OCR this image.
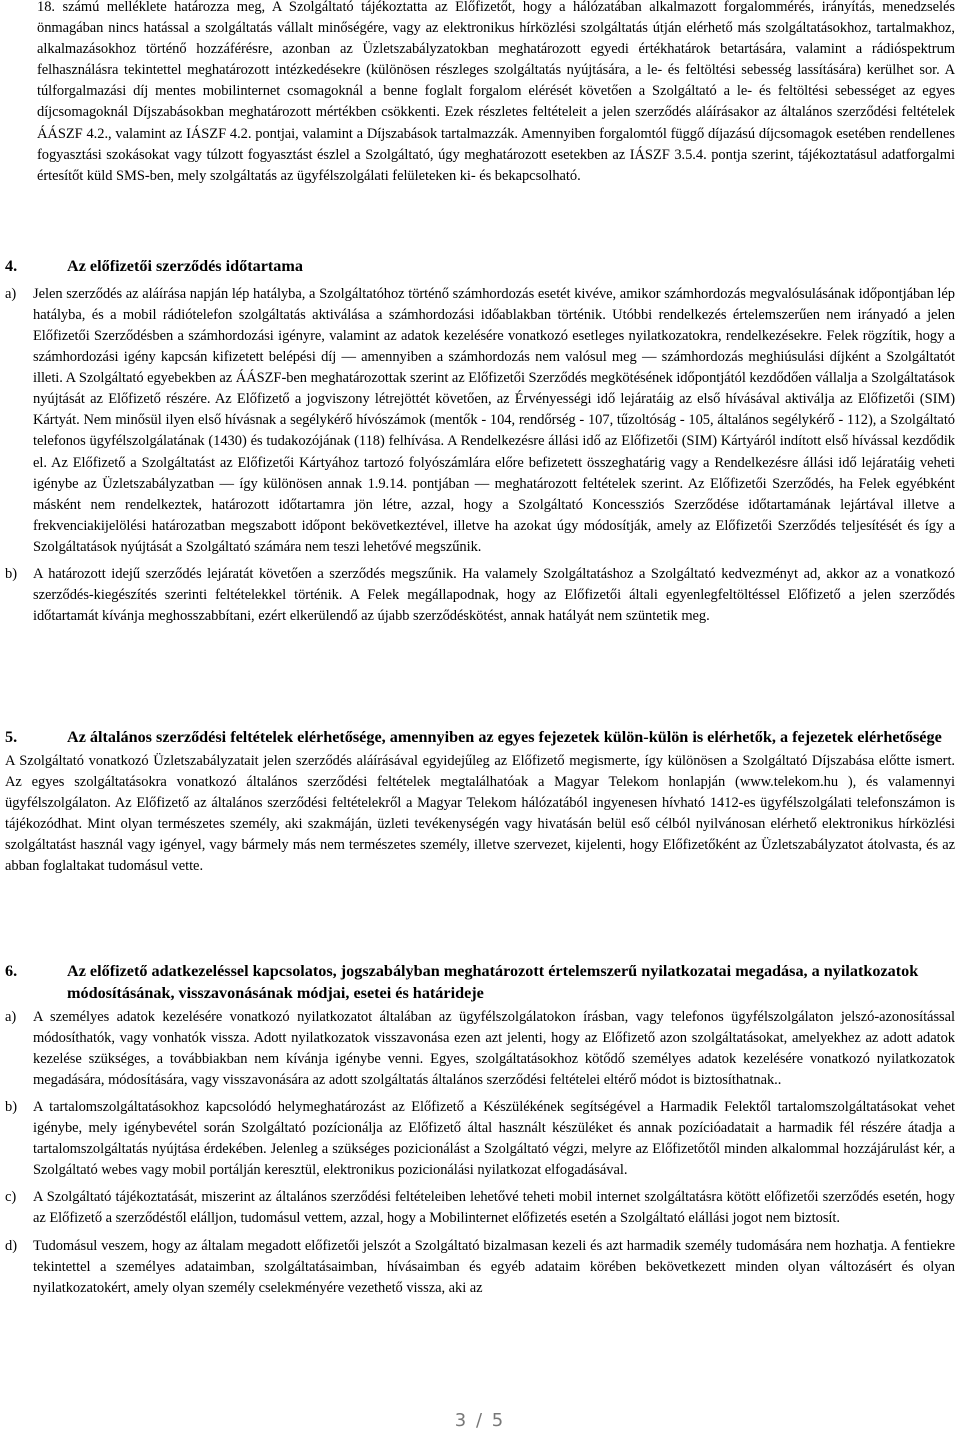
18. számú melléklete határozza meg, A Szolgáltató tájékoztatta az Előfizetőt, hogy a hálózatában alkalmazott forgalommérés, irányítás, menedzselés önmagában nincs hatással a szolgáltatás vállalt minőségére, vagy az elektronikus hírközlési szolgáltatás útján elérhető más szolgáltatásokhoz, tartalmakhoz, alkalmazásokhoz történő hozzáférésre, azonban az Üzletszabályzatokban meghatározott egyedi értékhatárok betartására, valamint a rádióspektrum felhasználásra tekintettel meghatározott intézkedésekre (különösen részleges szolgáltatás nyújtására, a le- és feltöltési sebesség lassítására) kerülhet sor. A túlforgalmazási díj mentes mobilinternet csomagoknál a benne foglalt forgalom elérését követően a Szolgáltató a le- és feltöltési sebességet az egyes díjcsomagoknál Díjszabásokban meghatározott mértékben csökkenti. Ezek részletes feltételeit a jelen szerződés aláírásakor az általános szerződési feltételek ÁÁSZF 4.2., valamint az IÁSZF 4.2. pontjai, valamint a Díjszabások tartalmazzák. Amennyiben forgalomtól függő díjazású díjcsomagok esetében rendellenes fogyasztási szokásokat vagy túlzott fogyasztást észlel a Szolgáltató, úgy meghatározott esetekben az IÁSZF 3.5.4. pontja szerint, tájékoztatásul adatforgalmi értesítőt küld SMS-ben, mely szolgáltatás az ügyfélszolgálati felületeken ki- és bekapcsolható.

4.	Az előfizetői szerződés időtartama
a)	Jelen szerződés az aláírása napján lép hatályba, a Szolgáltatóhoz történő számhordozás esetét kivéve, amikor számhordozás megvalósulásának időpontjában lép hatályba, és a mobil rádiótelefon szolgáltatás aktiválása a számhordozási időablakban történik. Utóbbi rendelkezés értelemszerűen nem irányadó a jelen Előfizetői Szerződésben a számhordozási igényre, valamint az adatok kezelésére vonatkozó esetleges nyilatkozatokra, rendelkezésekre. Felek rögzítik, hogy a számhordozási igény kapcsán kifizetett belépési díj — amennyiben a számhordozás nem valósul meg — számhordozás meghiúsulási díjként a Szolgáltatót illeti. A Szolgáltató egyebekben az ÁÁSZF-ben meghatározottak szerint az Előfizetői Szerződés megkötésének időpontjától kezdődően vállalja a Szolgáltatások nyújtását az Előfizető részére. Az Előfizető a jogviszony létrejöttét követően, az Érvényességi idő lejáratáig az első hívásával aktiválja az Előfizetői (SIM) Kártyát. Nem minősül ilyen első hívásnak a segélykérő hívószámok (mentők - 104, rendőrség - 107, tűzoltóság - 105, általános segélykérő - 112), a Szolgáltató telefonos ügyfélszolgálatának (1430) és tudakozójának (118) felhívása. A Rendelkezésre állási idő az Előfizetői (SIM) Kártyáról indított első hívással kezdődik el. Az Előfizető a Szolgáltatást az Előfizetői Kártyához tartozó folyószámlára előre befizetett összeghatárig vagy a Rendelkezésre állási idő lejáratáig veheti igénybe az Üzletszabályzatban — így különösen annak 1.9.14. pontjában — meghatározott feltételek szerint. Az Előfizetői Szerződés, ha Felek egyébként másként nem rendelkeztek, határozott időtartamra jön létre, azzal, hogy a Szolgáltató Koncessziós Szerződése időtartamának lejártával illetve a frekvenciakijelölési határozatban megszabott időpont bekövetkeztével, illetve ha azokat úgy módosítják, amely az Előfizetői Szerződés teljesítését és így a Szolgáltatások nyújtását a Szolgáltató számára nem teszi lehetővé megszűnik.
b)	A határozott idejű szerződés lejáratát követően a szerződés megszűnik. Ha valamely Szolgáltatáshoz a Szolgáltató kedvezményt ad, akkor az a vonatkozó szerződés-kiegészítés szerinti feltételekkel történik. A Felek megállapodnak, hogy az Előfizetői általi egyenlegfeltöltéssel Előfizető a jelen szerződés időtartamát kívánja meghosszabbítani, ezért elkerülendő az újabb szerződéskötést, annak hatályát nem szüntetik meg.
5.	Az általános szerződési feltételek elérhetősége, amennyiben az egyes fejezetek külön-külön is elérhetők, a fejezetek elérhetősége

A Szolgáltató vonatkozó Üzletszabályzatait jelen szerződés aláírásával egyidejűleg az Előfizető megismerte, így különösen a Szolgáltató Díjszabása előtte ismert. Az egyes szolgáltatásokra vonatkozó általános szerződési feltételek megtalálhatóak a Magyar Telekom honlapján (www.telekom.hu ), és valamennyi ügyfélszolgálaton. Az Előfizető az általános szerződési feltételekről a Magyar Telekom hálózatából ingyenesen hívható 1412-es ügyfélszolgálati telefonszámon is tájékozódhat. Mint olyan természetes személy, aki szakmáján, üzleti tevékenységén vagy hivatásán belül eső célból nyilvánosan elérhető elektronikus hírközlési szolgáltatást használ vagy igényel, vagy bármely más nem természetes személy, illetve szervezet, kijelenti, hogy Előfizetőként az Üzletszabályzatot átolvasta, és az abban foglaltakat tudomásul vette.

6.	Az előfizető adatkezeléssel kapcsolatos, jogszabályban meghatározott értelemszerű nyilatkozatai megadása, a nyilatkozatok módosításának, visszavonásának módjai, esetei és határideje
a)	A személyes adatok kezelésére vonatkozó nyilatkozatot általában az ügyfélszolgálatokon írásban, vagy telefonos ügyfélszolgálaton jelszó-azonosítással módosíthatók, vagy vonhatók vissza. Adott nyilatkozatok visszavonása ezen azt jelenti, hogy az Előfizető azon szolgáltatásokat, amelyekhez az adott adatok kezelése szükséges, a továbbiakban nem kívánja igénybe venni. Egyes, szolgáltatásokhoz kötődő személyes adatok kezelésére vonatkozó nyilatkozatok megadására, módosítására, vagy visszavonására az adott szolgáltatás általános szerződési feltételei eltérő módot is biztosíthatnak..
b)	A tartalomszolgáltatásokhoz kapcsolódó helymeghatározást az Előfizető a Készülékének segítségével a Harmadik Felektől tartalomszolgáltatásokat vehet igénybe, mely igénybevétel során Szolgáltató pozícionálja az Előfizető által használt készüléket és annak pozícióadatait a harmadik fél részére átadja a tartalomszolgáltatás nyújtása érdekében. Jelenleg a szükséges pozicionálást a Szolgáltató végzi, melyre az Előfizetőtől minden alkalommal hozzájárulást kér, a Szolgáltató webes vagy mobil portálján keresztül, elektronikus pozicionálási nyilatkozat elfogadásával.
c)	A Szolgáltató tájékoztatását, miszerint az általános szerződési feltételeiben lehetővé teheti mobil internet szolgáltatásra kötött előfizetői szerződés esetén, hogy az Előfizető a szerződéstől elálljon, tudomásul vettem, azzal, hogy a Mobilinternet előfizetés esetén a Szolgáltató elállási jogot nem biztosít.
d)	Tudomásul veszem, hogy az általam megadott előfizetői jelszót a Szolgáltató bizalmasan kezeli és azt harmadik személy tudomására nem hozhatja. A fentiekre tekintettel a személyes adataimban, szolgáltatásaimban, hívásaimban és egyéb adataim körében bekövetkezett minden olyan változásért és olyan nyilatkozatokért, amely olyan személy cselekményére vezethető vissza, aki az
3 / 5
